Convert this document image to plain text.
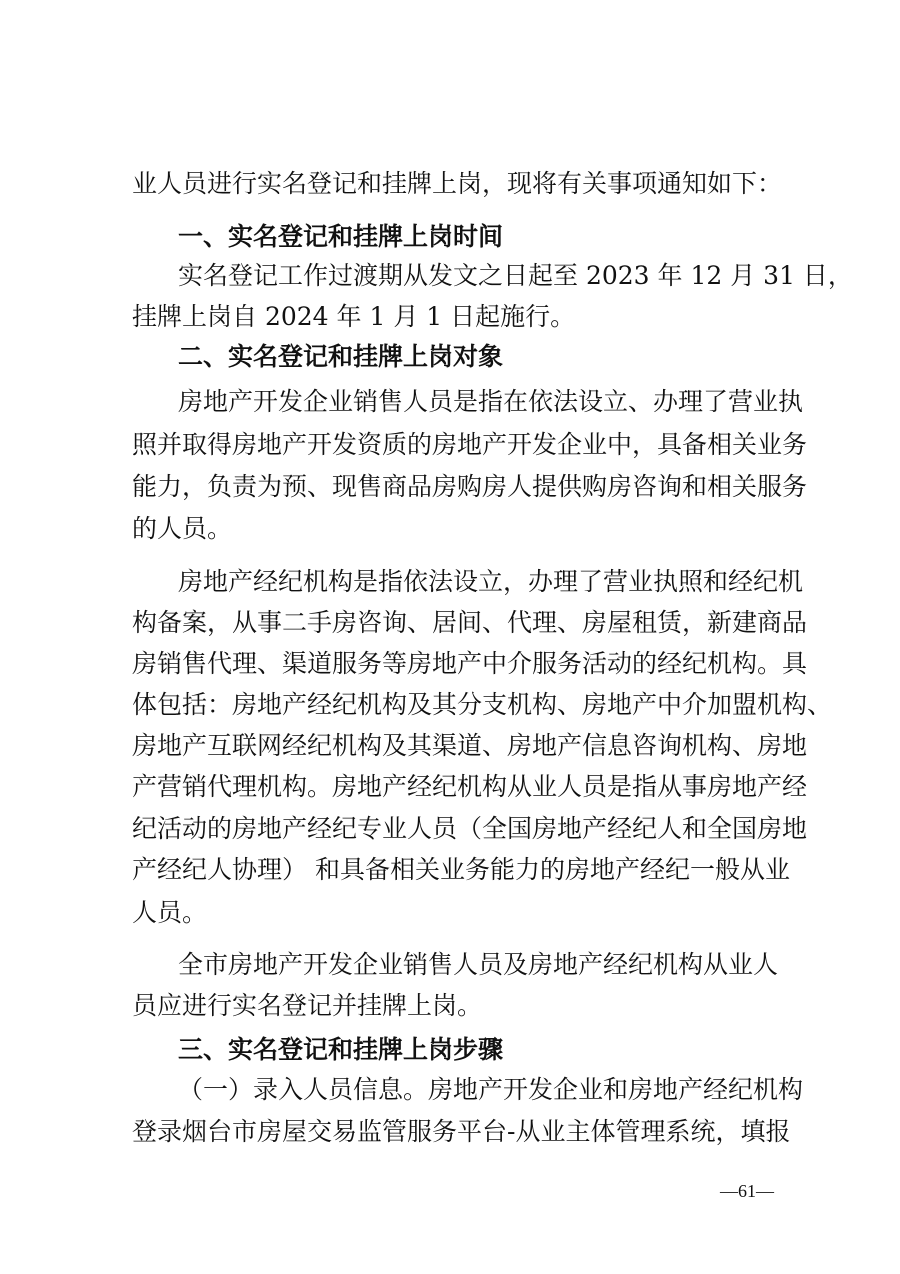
业人员进行实名登记和挂牌上岗，现将有关事项通知如下：
一、实名登记和挂牌上岗时间
实名登记工作过渡期从发文之日起至 2023 年 12 月 31 日，
挂牌上岗自 2024 年 1 月 1 日起施行。
二、实名登记和挂牌上岗对象
房地产开发企业销售人员是指在依法设立、办理了营业执
照并取得房地产开发资质的房地产开发企业中，具备相关业务
能力，负责为预、现售商品房购房人提供购房咨询和相关服务
的人员。
房地产经纪机构是指依法设立，办理了营业执照和经纪机
构备案，从事二手房咨询、居间、代理、房屋租赁，新建商品
房销售代理、渠道服务等房地产中介服务活动的经纪机构。具
体包括：房地产经纪机构及其分支机构、房地产中介加盟机构、
房地产互联网经纪机构及其渠道、房地产信息咨询机构、房地
产营销代理机构。房地产经纪机构从业人员是指从事房地产经
纪活动的房地产经纪专业人员（全国房地产经纪人和全国房地
产经纪人协理） 和具备相关业务能力的房地产经纪一般从业
人员。
全市房地产开发企业销售人员及房地产经纪机构从业人
员应进行实名登记并挂牌上岗。
三、实名登记和挂牌上岗步骤
（一）录入人员信息。房地产开发企业和房地产经纪机构
登录烟台市房屋交易监管服务平台-从业主体管理系统，填报
—61—
